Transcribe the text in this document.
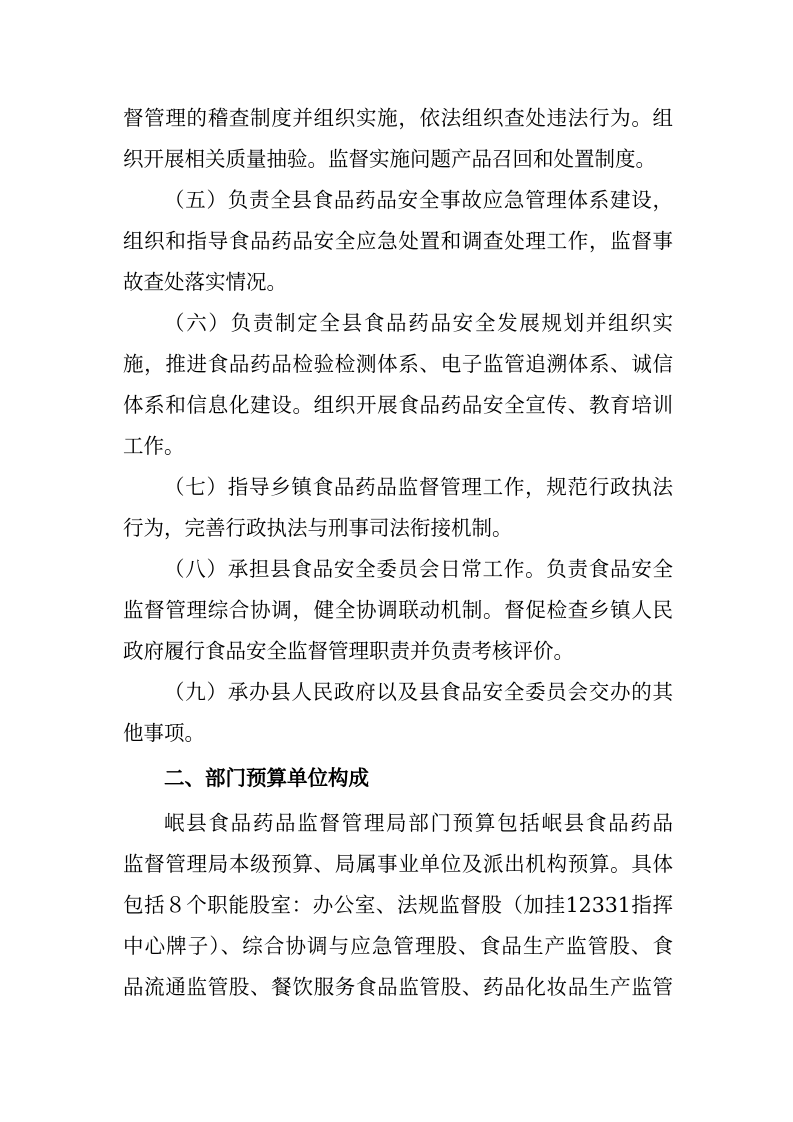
督管理的稽查制度并组织实施，依法组织查处违法行为。组
织开展相关质量抽验。监督实施问题产品召回和处置制度。
（五）负责全县食品药品安全事故应急管理体系建设，
组织和指导食品药品安全应急处置和调查处理工作，监督事
故查处落实情况。
（六）负责制定全县食品药品安全发展规划并组织实
施，推进食品药品检验检测体系、电子监管追溯体系、诚信
体系和信息化建设。组织开展食品药品安全宣传、教育培训
工作。
（七）指导乡镇食品药品监督管理工作，规范行政执法
行为，完善行政执法与刑事司法衔接机制。
（八）承担县食品安全委员会日常工作。负责食品安全
监督管理综合协调，健全协调联动机制。督促检查乡镇人民
政府履行食品安全监督管理职责并负责考核评价。
（九）承办县人民政府以及县食品安全委员会交办的其
他事项。
二、部门预算单位构成
岷县食品药品监督管理局部门预算包括岷县食品药品
监督管理局本级预算、局属事业单位及派出机构预算。具体
包括８个职能股室：办公室、法规监督股（加挂12331指挥
中心牌子）、综合协调与应急管理股、食品生产监管股、食
品流通监管股、餐饮服务食品监管股、药品化妆品生产监管
